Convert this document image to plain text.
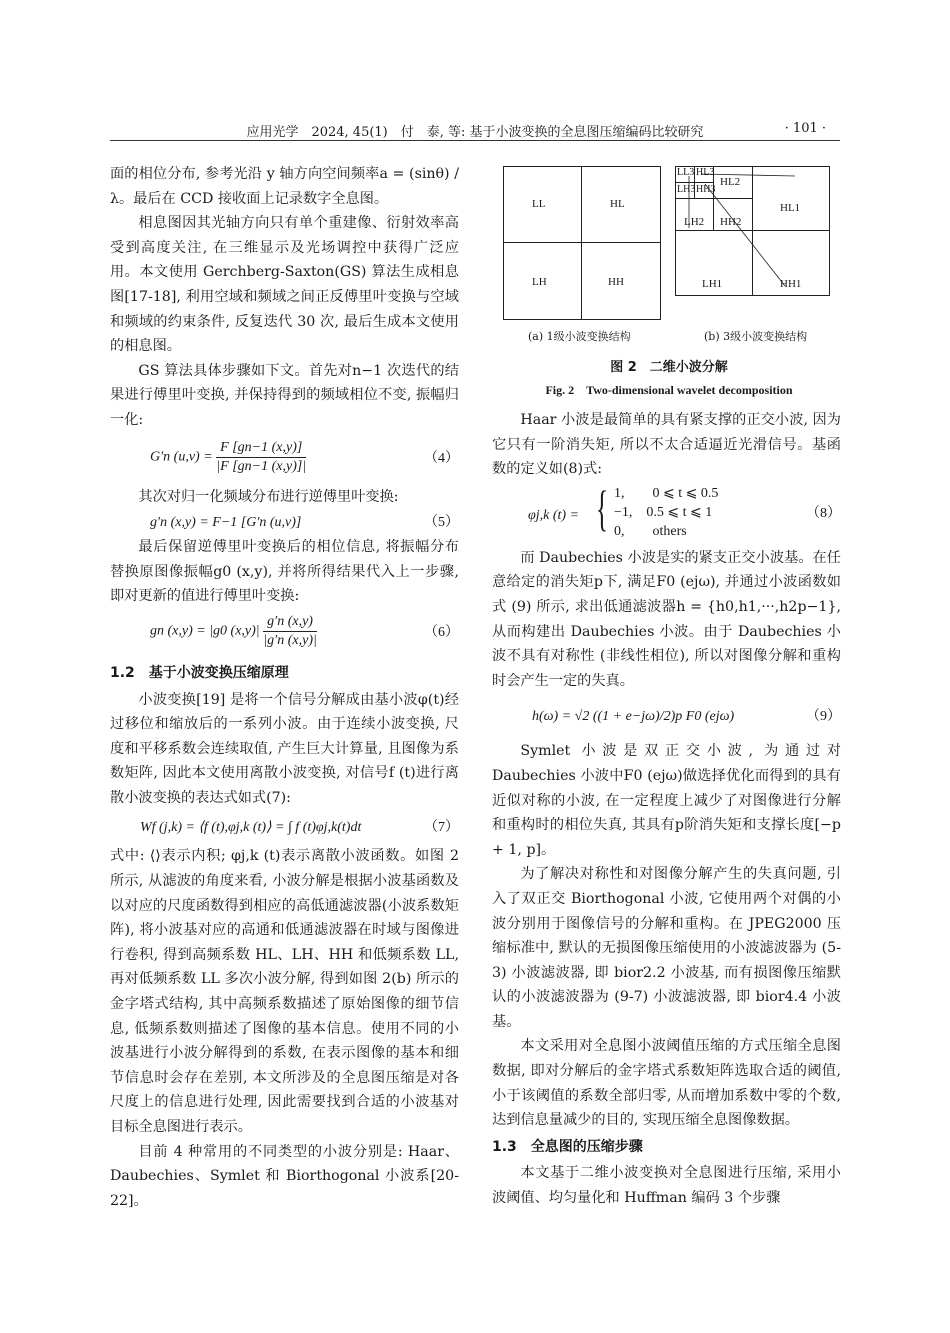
应用光学　2024, 45(1)　付　泰, 等: 基于小波变换的全息图压缩编码比较研究	· 101 ·

面的相位分布, 参考光沿 y 轴方向空间频率a = (sinθ) / λ。最后在 CCD 接收面上记录数字全息图。

相息图因其光轴方向只有单个重建像、衍射效率高受到高度关注, 在三维显示及光场调控中获得广泛应用。本文使用 Gerchberg-Saxton(GS) 算法生成相息图[17-18], 利用空域和频域之间正反傅里叶变换与空域和频域的约束条件, 反复迭代 30 次, 最后生成本文使用的相息图。

GS 算法具体步骤如下文。首先对n−1 次迭代的结果进行傅里叶变换, 并保持得到的频域相位不变, 振幅归一化:

G′n $(u,v) = \frac{F [gn-1 (x,y)]}{|F [gn-1 (x,y)]|}$	（4）

其次对归一化频域分布进行逆傅里叶变换:

g′n (x,y) = F−1 [G′n (u,v)]	（5）

最后保留逆傅里叶变换后的相位信息, 将振幅分布替换原图像振幅g0 (x,y), 并将所得结果代入上一步骤, 即对更新的值进行傅里叶变换:

gn (x,y) = |g0 $(x,y)| \frac{g'n (x,y)}{|g'n (x,y)|}$	（6）
1.2　基于小波变换压缩原理

小波变换[19] 是将一个信号分解成由基小波φ(t)经过移位和缩放后的一系列小波。由于连续小波变换, 尺度和平移系数会连续取值, 产生巨大计算量, 且图像为系数矩阵, 因此本文使用离散小波变换, 对信号f (t)进行离散小波变换的表达式如式(7):

Wf (j,k) = ⟨f (t),φj,k (t)⟩ = ∫ f (t)φj,k(t)dt	（7）

式中: ⟨⟩表示内积; φj,k (t)表示离散小波函数。如图 2 所示, 从滤波的角度来看, 小波分解是根据小波基函数及以对应的尺度函数得到相应的高低通滤波器(小波系数矩阵), 将小波基对应的高通和低通滤波器在时域与图像进行卷积, 得到高频系数 HL、LH、HH 和低频系数 LL, 再对低频系数 LL 多次小波分解, 得到如图 2(b) 所示的金字塔式结构, 其中高频系数描述了原始图像的细节信息, 低频系数则描述了图像的基本信息。使用不同的小波基进行小波分解得到的系数, 在表示图像的基本和细节信息时会存在差别, 本文所涉及的全息图压缩是对各尺度上的信息进行处理, 因此需要找到合适的小波基对目标全息图进行表示。

目前 4 种常用的不同类型的小波分别是: Haar、Daubechies、Symlet 和 Biorthogonal 小波系[20-22]。

LL	HL
LH	HH
(a) 1级小波变换结构
LL3 HL3
LH3 HH3
HL2
LH2 HH2
HL1
LH1	HH1
(b) 3级小波变换结构
图 2　二维小波分解
Fig. 2　Two-dimensional wavelet decomposition

Haar 小波是最简单的具有紧支撑的正交小波, 因为它只有一阶消失矩, 所以不太合适逼近光滑信号。基函数的定义如(8)式:

φj,k (t) = { 1,　　0 ⩽ t ⩽ 0.5
−1,　0.5 ⩽ t ⩽ 1
0,　　others
（8）

而 Daubechies 小波是实的紧支正交小波基。在任意给定的消失矩p下, 满足F0 (ejω), 并通过小波函数如式 (9) 所示, 求出低通滤波器h = {h0,h1,···,h2p−1}, 从而构建出 Daubechies 小波。由于 Daubechies 小波不具有对称性 (非线性相位), 所以对图像分解和重构时会产生一定的失真。

h(ω) = √2 ((1 + e−jω)/2)p F0 (ejω)	（9）

Symlet 小波是双正交小波, 为通过对 Daubechies 小波中F0 (ejω)做选择优化而得到的具有近似对称的小波, 在一定程度上减少了对图像进行分解和重构时的相位失真, 其具有p阶消失矩和支撑长度[−p + 1, p]。

为了解决对称性和对图像分解产生的失真问题, 引入了双正交 Biorthogonal 小波, 它使用两个对偶的小波分别用于图像信号的分解和重构。在 JPEG2000 压缩标准中, 默认的无损图像压缩使用的小波滤波器为 (5-3) 小波滤波器, 即 bior2.2 小波基, 而有损图像压缩默认的小波滤波器为 (9-7) 小波滤波器, 即 bior4.4 小波基。

本文采用对全息图小波阈值压缩的方式压缩全息图数据, 即对分解后的金字塔式系数矩阵选取合适的阈值, 小于该阈值的系数全部归零, 从而增加系数中零的个数, 达到信息量减少的目的, 实现压缩全息图像数据。

1.3　全息图的压缩步骤

本文基于二维小波变换对全息图进行压缩, 采用小波阈值、均匀量化和 Huffman 编码 3 个步骤
